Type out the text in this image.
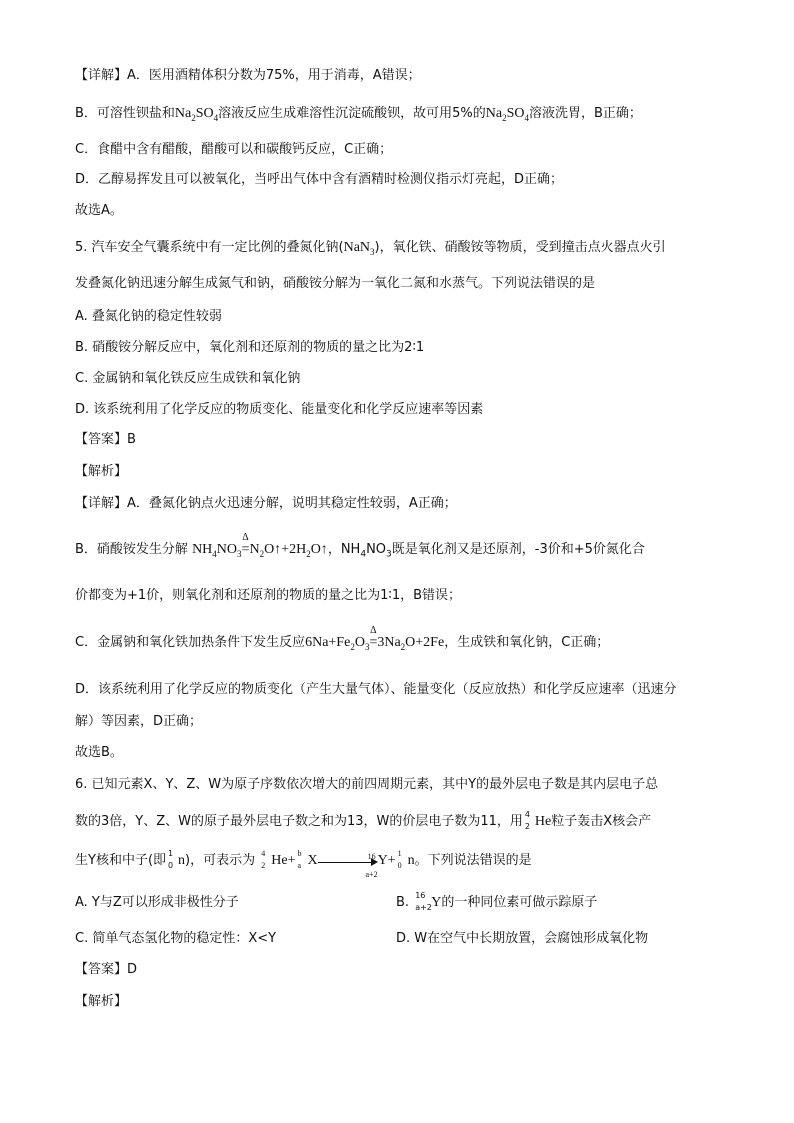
【详解】A．医用酒精体积分数为75%，用于消毒，A错误；
B．可溶性钡盐和$Na_2SO_4$溶液反应生成难溶性沉淀硫酸钡，故可用5%的$Na_2SO_4$溶液洗胃，B正确；
C．食醋中含有醋酸，醋酸可以和碳酸钙反应，C正确；
D．乙醇易挥发且可以被氧化，当呼出气体中含有酒精时检测仪指示灯亮起，D正确；
故选A。
5. 汽车安全气囊系统中有一定比例的叠氮化钠(NaN$_3$)，氧化铁、硝酸铵等物质，受到撞击点火器点火引
发叠氮化钠迅速分解生成氮气和钠，硝酸铵分解为一氧化二氮和水蒸气。下列说法错误的是
A. 叠氮化钠的稳定性较弱
B. 硝酸铵分解反应中，氧化剂和还原剂的物质的量之比为2∶1
C. 金属钠和氧化铁反应生成铁和氧化钠
D. 该系统利用了化学反应的物质变化、能量变化和化学反应速率等因素
【答案】B
【解析】
【详解】A．叠氮化钠点火迅速分解，说明其稳定性较弱，A正确；
B．硝酸铵发生分解 $NH_4NO_3$
Δ
$=N_2O↑+2H_2O↑$，$NH_4NO_3$既是氧化剂又是还原剂，-3价和+5价氮化合
价都变为+1价，则氧化剂和还原剂的物质的量之比为1∶1，B错误；
C．金属钠和氧化铁加热条件下发生反应$6Na+Fe_2O_3$
Δ
$=3Na_2O+2Fe$，生成铁和氧化钠，C正确；
D．该系统利用了化学反应的物质变化（产生大量气体）、能量变化（反应放热）和化学反应速率（迅速分
解）等因素，D正确；
故选B。
6. 已知元素X、Y、Z、W为原子序数依次增大的前四周期元素，其中Y的最外层电子数是其内层电子总
数的3倍，Y、Z、W的原子最外层电子数之和为13，W的价层电子数为11，用 4
2 He粒子轰击X核会产
生Y核和中子(即 1
0 n)，可表示为 4
2 He+ b
a X	16
a+2
Y+ 1
0 n。下列说法错误的是
A. Y与Z可以形成非极性分子	B. 16
a+2 Y的一种同位素可做示踪原子
C. 简单气态氢化物的稳定性：X<Y	D. W在空气中长期放置，会腐蚀形成氧化物
【答案】D
【解析】
